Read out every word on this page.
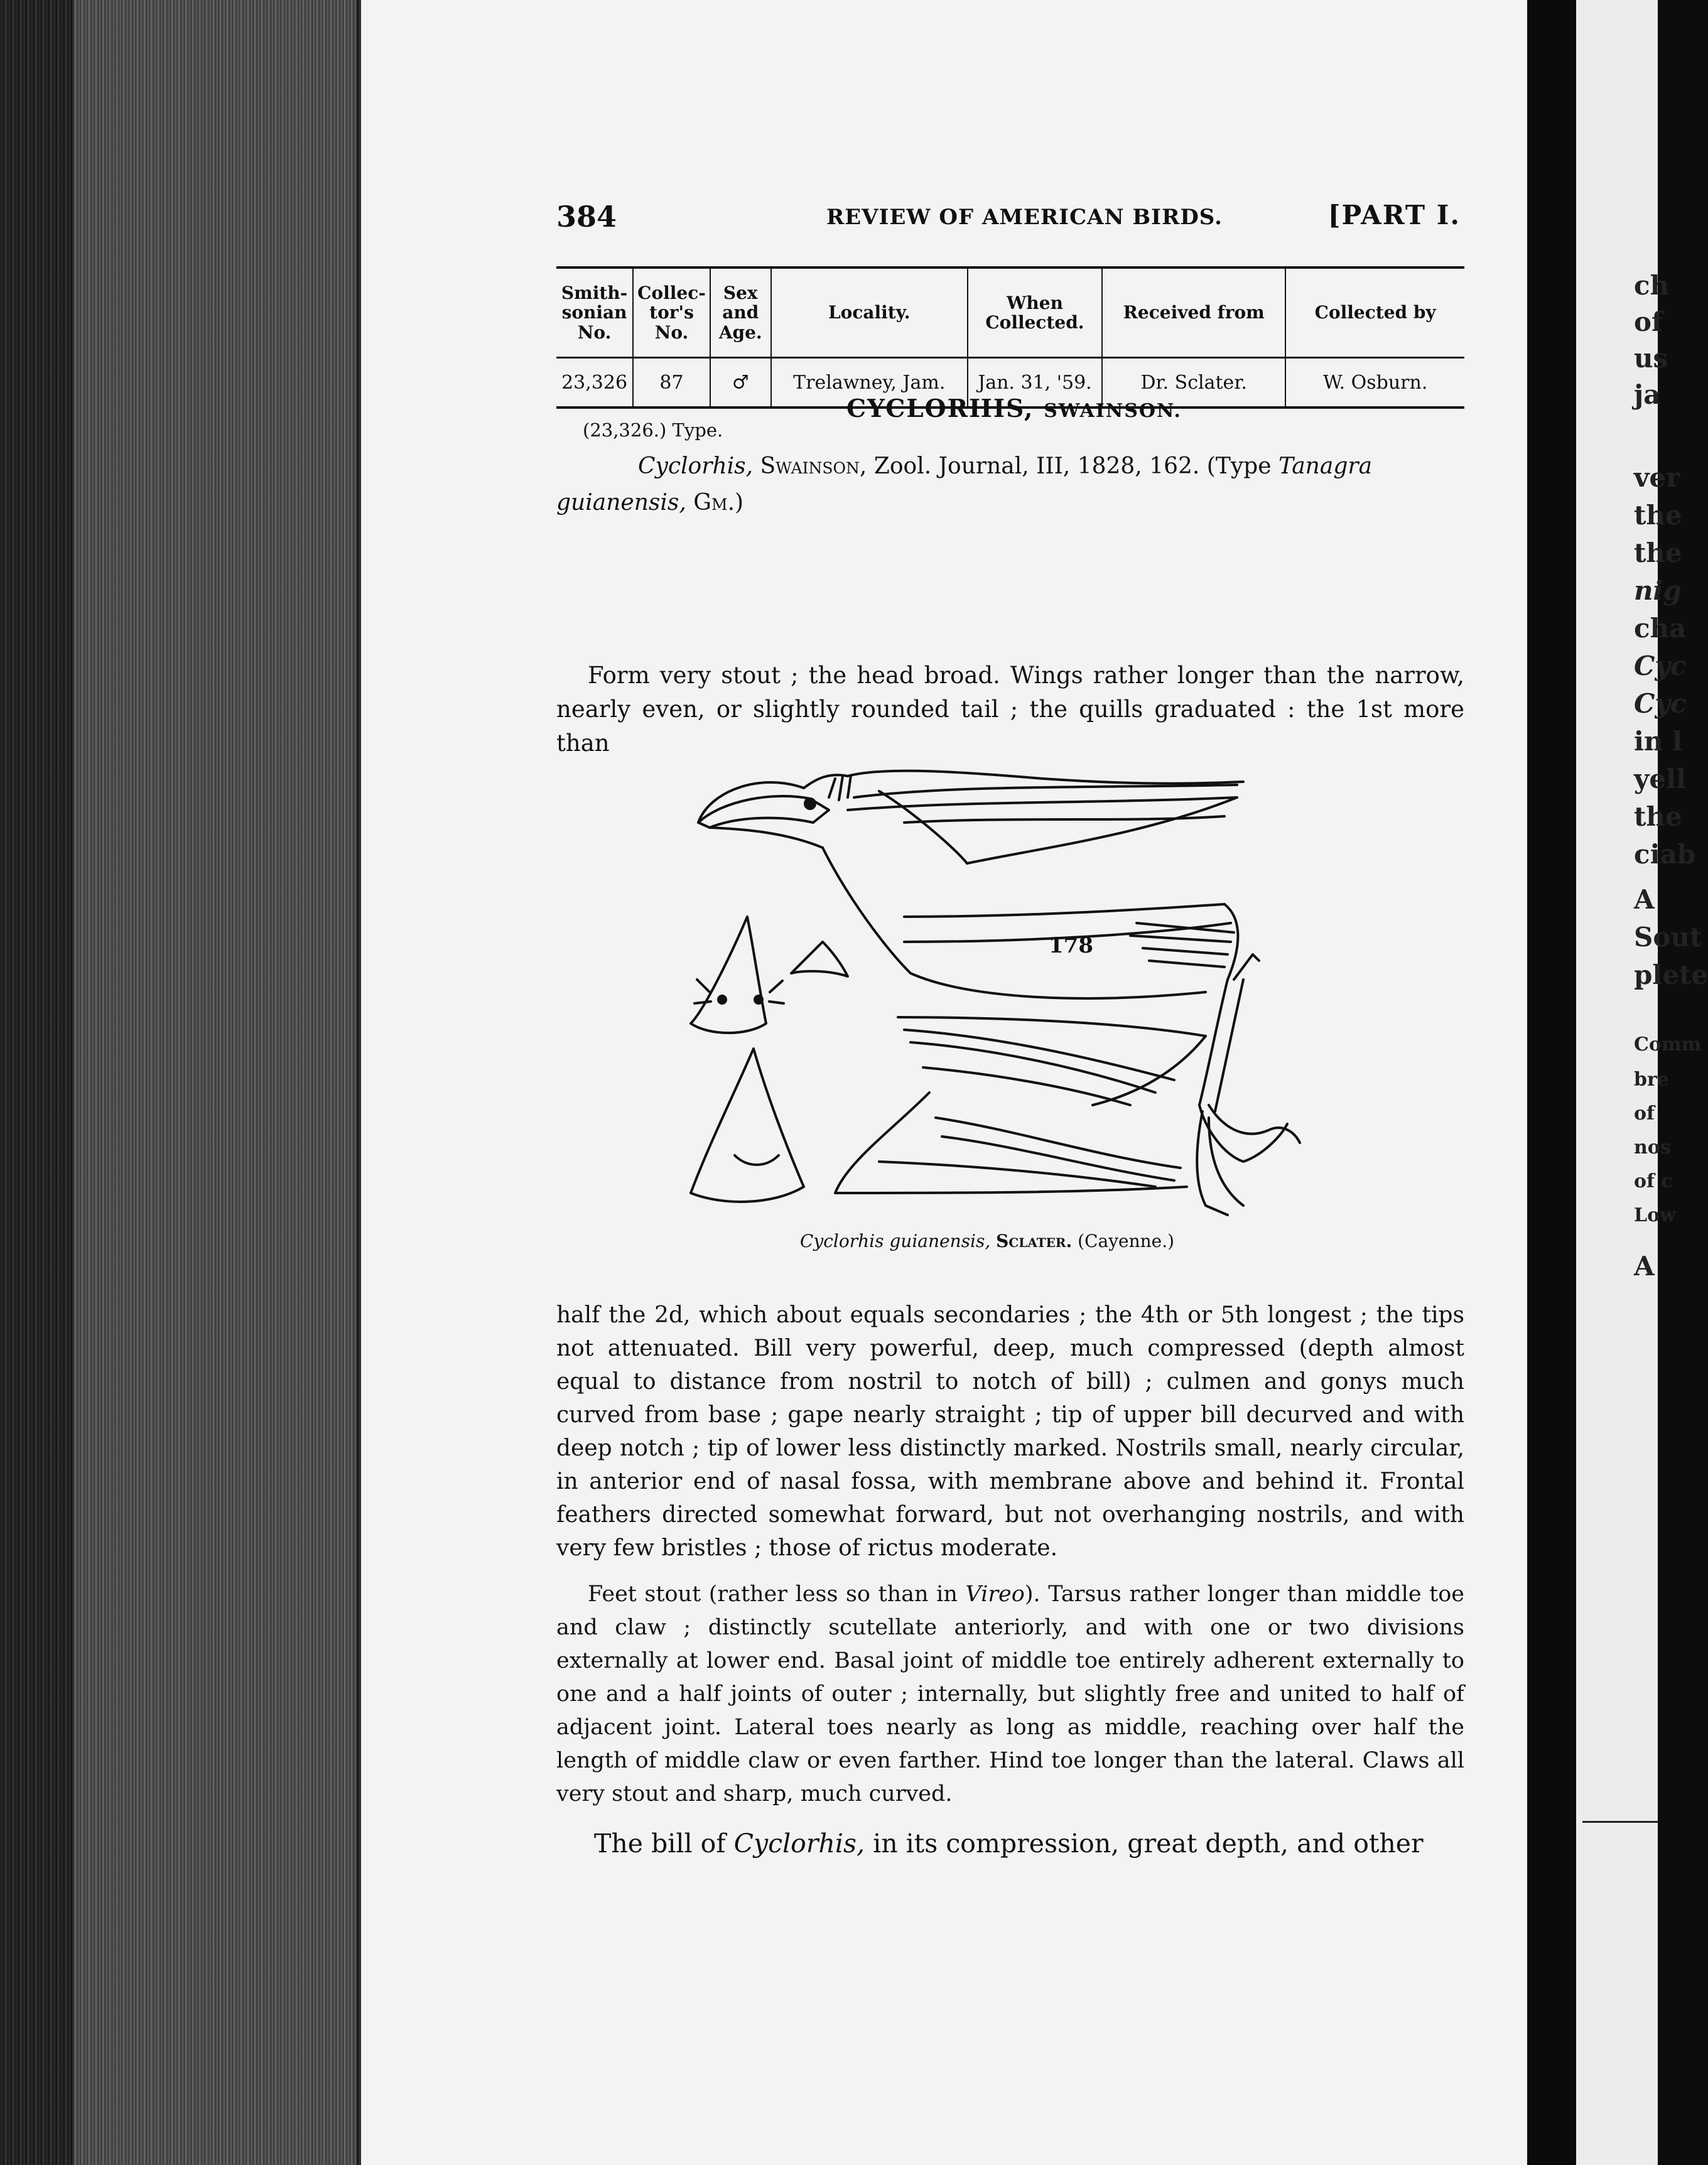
ch
of
us
ja
ver
the
the
nig
cha
Cyc
Cyc
in l
yell
the
ciab
A
Sout
plete
Comm
bre
of
nos
of c
Low
A
384	REVIEW OF AMERICAN BIRDS.	[PART I.
Smith-sonian No.	Collec-tor's No.	Sex and Age.	Locality.	When Collected.	Received from	Collected by
23,326	87	♂	Trelawney, Jam.	Jan. 31, '59.	Dr. Sclater.	W. Osburn.
(23,326.) Type.
CYCLORHIS, SWAINSON.
Cyclorhis, Swainson, Zool. Journal, III, 1828, 162. (Type Tanagra guianensis, Gm.)

Form very stout ; the head broad. Wings rather longer than the narrow, nearly even, or slightly rounded tail ; the quills graduated : the 1st more than

178
Cyclorhis guianensis, Sclater. (Cayenne.)

half the 2d, which about equals secondaries ; the 4th or 5th longest ; the tips not attenuated. Bill very powerful, deep, much compressed (depth almost equal to distance from nostril to notch of bill) ; culmen and gonys much curved from base ; gape nearly straight ; tip of upper bill decurved and with deep notch ; tip of lower less distinctly marked. Nostrils small, nearly circular, in anterior end of nasal fossa, with membrane above and behind it. Frontal feathers directed somewhat forward, but not overhanging nostrils, and with very few bristles ; those of rictus moderate.

Feet stout (rather less so than in Vireo). Tarsus rather longer than middle toe and claw ; distinctly scutellate anteriorly, and with one or two divisions externally at lower end. Basal joint of middle toe entirely adherent externally to one and a half joints of outer ; internally, but slightly free and united to half of adjacent joint. Lateral toes nearly as long as middle, reaching over half the length of middle claw or even farther. Hind toe longer than the lateral. Claws all very stout and sharp, much curved.

The bill of Cyclorhis, in its compression, great depth, and other
